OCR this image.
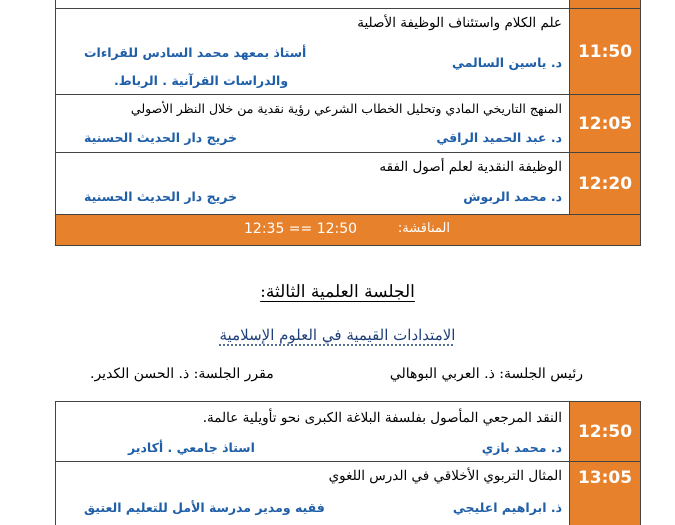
علم الكلام واستئناف الوظيفة الأصلية
د. ياسين السالمي
أستاذ بمعهد محمد السادس للقراءات
والدراسات القرآنية . الرباط.
11:50
المنهج التاريخي المادي وتحليل الخطاب الشرعي رؤية نقدية من خلال النظر الأصولي
د. عبد الحميد الراقي
خريج دار الحديث الحسنية
12:05
الوظيفة النقدية لعلم أصول الفقه
د. محمد الربوش
خريج دار الحديث الحسنية
12:20
المناقشة:
12:35 == 12:50
الجلسة العلمية الثالثة:
الامتدادات القيمية في العلوم الإسلامية
رئيس الجلسة: ذ. العربي البوهالي
مقرر الجلسة: ذ. الحسن الكدير.
النقد المرجعي المأصول بفلسفة البلاغة الكبرى نحو تأويلية عالمة.
د. محمد بازي
استاذ جامعي . أكادير
12:50
المثال التربوي الأخلاقي في الدرس اللغوي
ذ. ابراهيم اعليجي
فقيه ومدير مدرسة الأمل للتعليم العتيق
13:05
